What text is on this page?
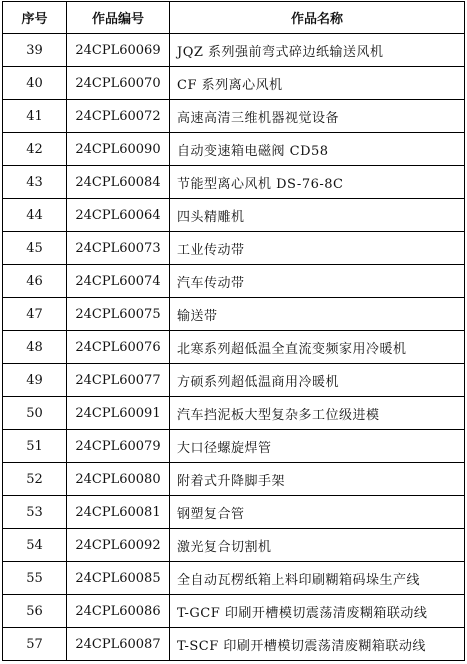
序号	作品编号	作品名称
39	24CPL60069	JQZ 系列强前弯式碎边纸输送风机
40	24CPL60070	CF 系列离心风机
41	24CPL60072	高速高清三维机器视觉设备
42	24CPL60090	自动变速箱电磁阀 CD58
43	24CPL60084	节能型离心风机 DS-76-8C
44	24CPL60064	四头精雕机
45	24CPL60073	工业传动带
46	24CPL60074	汽车传动带
47	24CPL60075	输送带
48	24CPL60076	北寒系列超低温全直流变频家用冷暖机
49	24CPL60077	方硕系列超低温商用冷暖机
50	24CPL60091	汽车挡泥板大型复杂多工位级进模
51	24CPL60079	大口径螺旋焊管
52	24CPL60080	附着式升降脚手架
53	24CPL60081	钢塑复合管
54	24CPL60092	激光复合切割机
55	24CPL60085	全自动瓦楞纸箱上料印刷糊箱码垛生产线
56	24CPL60086	T-GCF 印刷开槽模切震荡清废糊箱联动线
57	24CPL60087	T-SCF 印刷开槽模切震荡清废糊箱联动线
